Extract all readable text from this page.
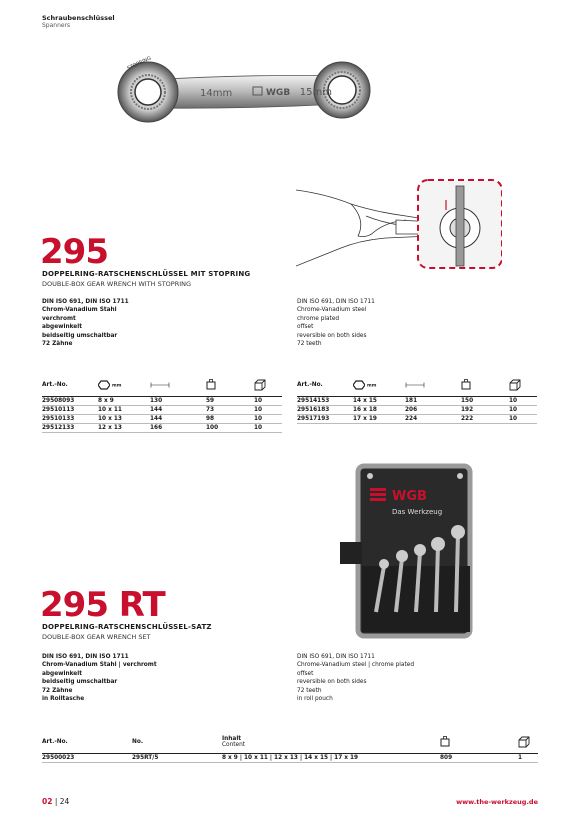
Schraubenschlüssel
Spanners
STOPRING
14mm	WGB 15mm
295
DOPPELRING-RATSCHENSCHLÜSSEL MIT STOPRING
DOUBLE-BOX GEAR WRENCH WITH STOPRING
DIN ISO 691, DIN ISO 1711
Chrom-Vanadium Stahl
verchromt
abgewinkelt
beidseitig umschaltbar
72 Zähne
DIN ISO 691, DIN ISO 1711
Chrome-Vanadium steel
chrome plated
offset
reversible on both sides
72 teeth
Art.-No.	mm			
29508093	8 x 9	130	59	10
29510113	10 x 11	144	73	10
29510133	10 x 13	144	98	10
29512133	12 x 13	166	100	10
Art.-No.	mm			
29514153	14 x 15	181	150	10
29516183	16 x 18	206	192	10
29517193	17 x 19	224	222	10
WGB
Das Werkzeug
295 RT
DOPPELRING-RATSCHENSCHLÜSSEL-SATZ
DOUBLE-BOX GEAR WRENCH SET
DIN ISO 691, DIN ISO 1711
Chrom-Vanadium Stahl | verchromt
abgewinkelt
beidseitig umschaltbar
72 Zähne
in Rolltasche
DIN ISO 691, DIN ISO 1711
Chrome-Vanadium steel | chrome plated
offset
reversible on both sides
72 teeth
in roll pouch
Art.-No.	No.	Inhalt
Content

29500023	295RT/5	8 x 9 | 10 x 11 | 12 x 13 | 14 x 15 | 17 x 19	809	1
02 | 24	www.the-werkzeug.de
